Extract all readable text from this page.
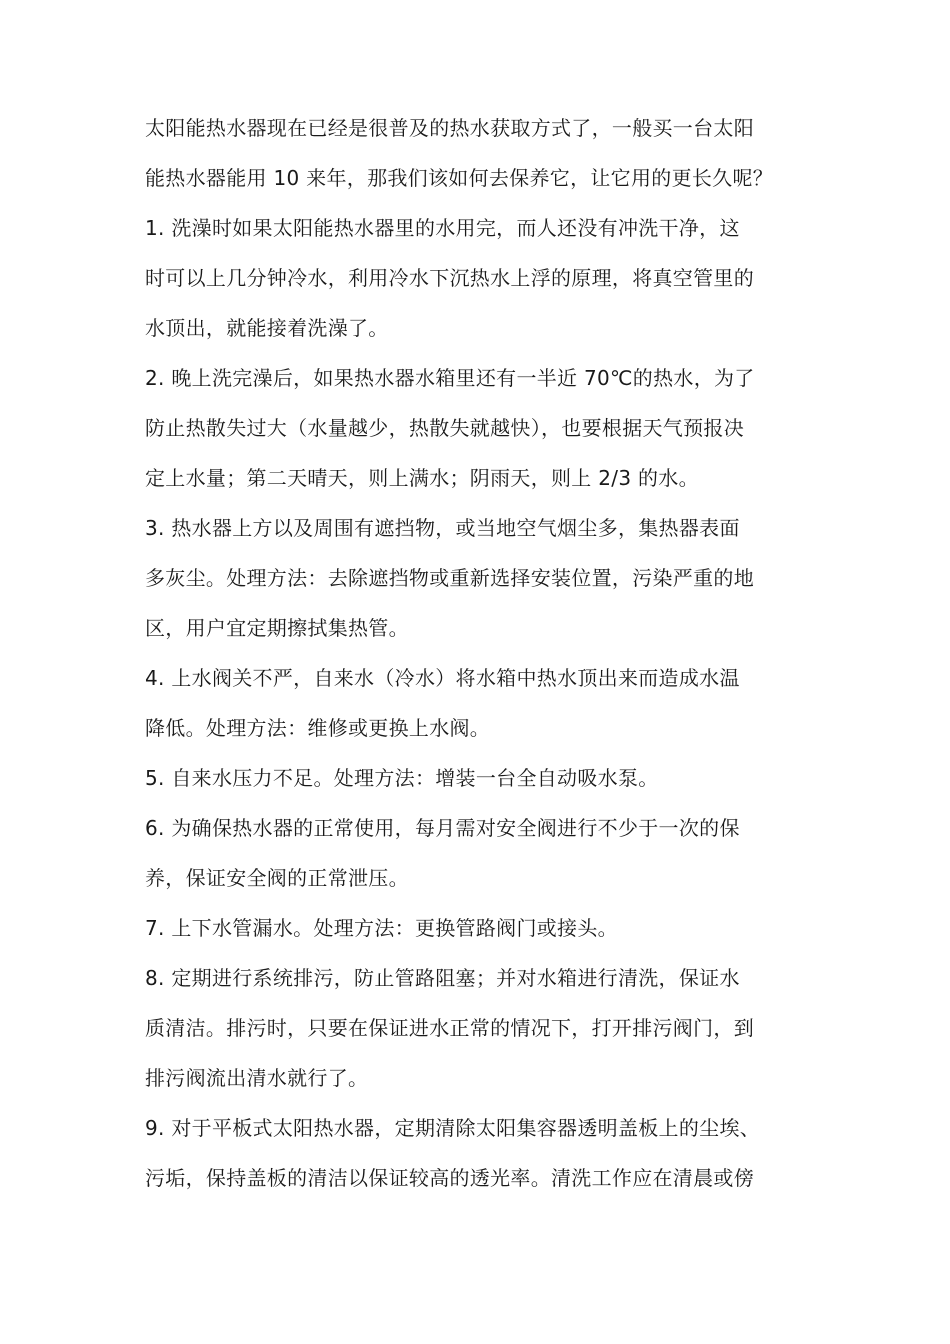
太阳能热水器现在已经是很普及的热水获取方式了，一般买一台太阳
能热水器能用 10 来年，那我们该如何去保养它，让它用的更长久呢？
1. 洗澡时如果太阳能热水器里的水用完，而人还没有冲洗干净，这
时可以上几分钟冷水，利用冷水下沉热水上浮的原理，将真空管里的
水顶出，就能接着洗澡了。
2. 晚上洗完澡后，如果热水器水箱里还有一半近 70℃的热水，为了
防止热散失过大（水量越少，热散失就越快），也要根据天气预报决
定上水量；第二天晴天，则上满水；阴雨天，则上 2/3 的水。
3. 热水器上方以及周围有遮挡物，或当地空气烟尘多，集热器表面
多灰尘。处理方法：去除遮挡物或重新选择安装位置，污染严重的地
区，用户宜定期擦拭集热管。
4. 上水阀关不严，自来水（冷水）将水箱中热水顶出来而造成水温
降低。处理方法：维修或更换上水阀。
5. 自来水压力不足。处理方法：增装一台全自动吸水泵。
6. 为确保热水器的正常使用，每月需对安全阀进行不少于一次的保
养，保证安全阀的正常泄压。
7. 上下水管漏水。处理方法：更换管路阀门或接头。
8. 定期进行系统排污，防止管路阻塞；并对水箱进行清洗，保证水
质清洁。排污时，只要在保证进水正常的情况下，打开排污阀门，到
排污阀流出清水就行了。
9. 对于平板式太阳热水器，定期清除太阳集容器透明盖板上的尘埃、
污垢，保持盖板的清洁以保证较高的透光率。清洗工作应在清晨或傍
